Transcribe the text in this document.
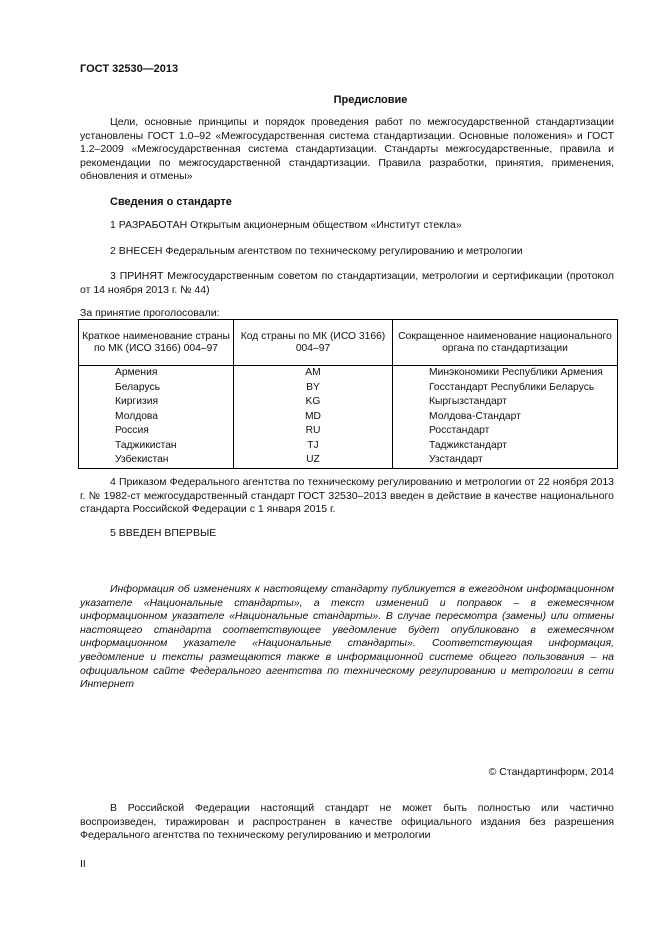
ГОСТ 32530—2013
Предисловие

Цели, основные принципы и порядок проведения работ по межгосударственной стандартизации установлены ГОСТ 1.0–92 «Межгосударственная система стандартизации. Основные положения» и ГОСТ 1.2–2009 «Межгосударственная система стандартизации. Стандарты межгосударственные, правила и рекомендации по межгосударственной стандартизации. Правила разработки, принятия, применения, обновления и отмены»

Сведения о стандарте
1 РАЗРАБОТАН Открытым акционерным обществом «Институт стекла»
2 ВНЕСЕН Федеральным агентством по техническому регулированию и метрологии
3 ПРИНЯТ Межгосударственным советом по стандартизации, метрологии и сертификации (протокол от 14 ноября 2013 г. № 44)
За принятие проголосовали:
Краткое наименование страны по МК (ИСО 3166) 004–97	Код страны по МК (ИСО 3166) 004–97	Сокращенное наименование национального органа по стандартизации
Армения	AM	Минэкономики Республики Армения
Беларусь	BY	Госстандарт Республики Беларусь
Киргизия	KG	Кыргызстандарт
Молдова	MD	Молдова-Стандарт
Россия	RU	Росстандарт
Таджикистан	TJ	Таджикстандарт
Узбекистан	UZ	Узстандарт
4 Приказом Федерального агентства по техническому регулированию и метрологии от 22 ноября 2013 г. № 1982-ст межгосударственный стандарт ГОСТ 32530–2013 введен в действие в качестве национального стандарта Российской Федерации с 1 января 2015 г.
5 ВВЕДЕН ВПЕРВЫЕ

Информация об изменениях к настоящему стандарту публикуется в ежегодном информационном указателе «Национальные стандарты», а текст изменений и поправок – в ежемесячном информационном указателе «Национальные стандарты». В случае пересмотра (замены) или отмены настоящего стандарта соответствующее уведомление будет опубликовано в ежемесячном информационном указателе «Национальные стандарты». Соответствующая информация, уведомление и тексты размещаются также в информационной системе общего пользования – на официальном сайте Федерального агентства по техническому регулированию и метрологии в сети Интернет

© Стандартинформ, 2014

В Российской Федерации настоящий стандарт не может быть полностью или частично воспроизведен, тиражирован и распространен в качестве официального издания без разрешения Федерального агентства по техническому регулированию и метрологии

II
